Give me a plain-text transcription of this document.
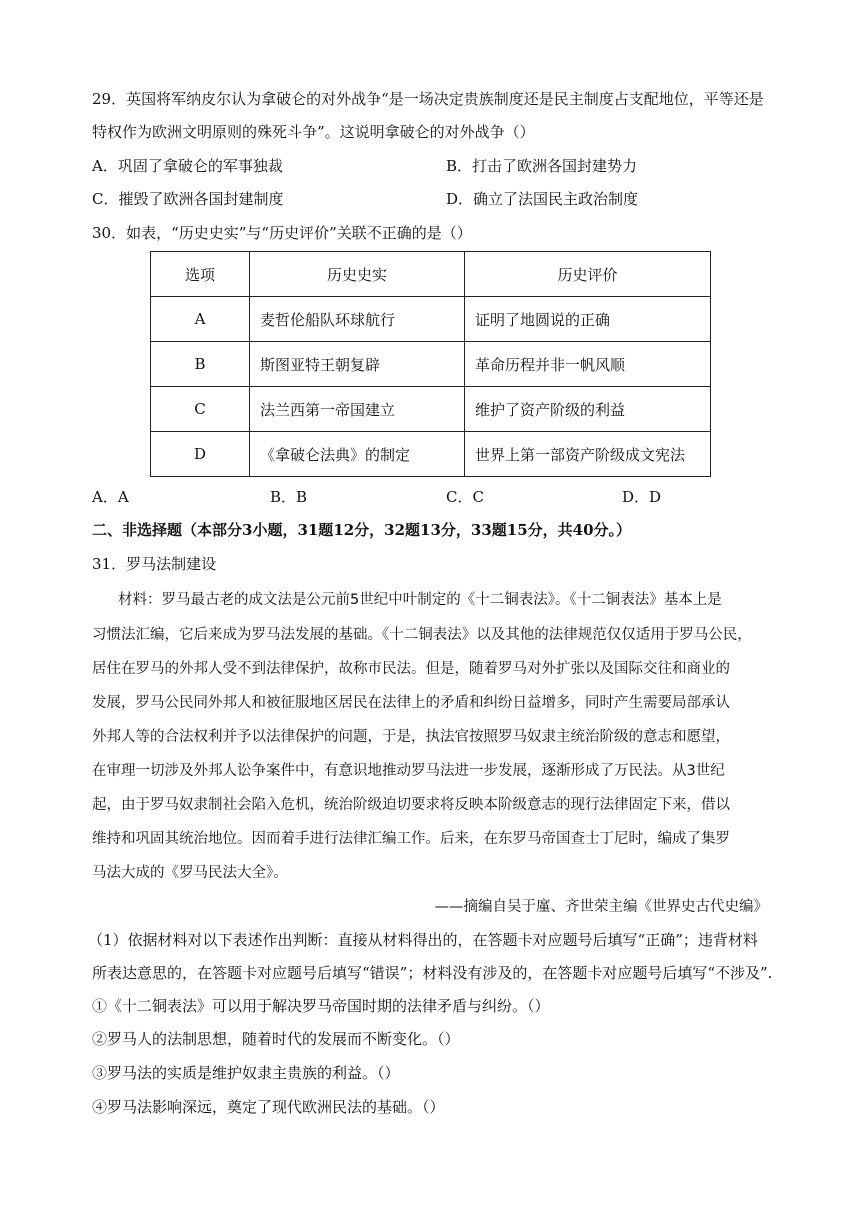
29．英国将军纳皮尔认为拿破仑的对外战争“是一场决定贵族制度还是民主制度占支配地位，平等还是
特权作为欧洲文明原则的殊死斗争”。这说明拿破仑的对外战争（）
A．巩固了拿破仑的军事独裁	B．打击了欧洲各国封建势力
C．摧毁了欧洲各国封建制度	D．确立了法国民主政治制度
30．如表，“历史史实”与“历史评价”关联不正确的是（）
选项	历史史实	历史评价
A	麦哲伦船队环球航行	证明了地圆说的正确
B	斯图亚特王朝复辟	革命历程并非一帆风顺
C	法兰西第一帝国建立	维护了资产阶级的利益
D	《拿破仑法典》的制定	世界上第一部资产阶级成文宪法
A．A	B．B	C．C	D．D
二、非选择题（本部分3小题，31题12分，32题13分，33题15分，共40分。）
31．罗马法制建设
材料：罗马最古老的成文法是公元前5世纪中叶制定的《十二铜表法》。《十二铜表法》基本上是
习惯法汇编，它后来成为罗马法发展的基础。《十二铜表法》以及其他的法律规范仅仅适用于罗马公民，
居住在罗马的外邦人受不到法律保护，故称市民法。但是，随着罗马对外扩张以及国际交往和商业的
发展，罗马公民同外邦人和被征服地区居民在法律上的矛盾和纠纷日益增多，同时产生需要局部承认
外邦人等的合法权利并予以法律保护的问题，于是，执法官按照罗马奴隶主统治阶级的意志和愿望，
在审理一切涉及外邦人讼争案件中，有意识地推动罗马法进一步发展，逐渐形成了万民法。从3世纪
起，由于罗马奴隶制社会陷入危机，统治阶级迫切要求将反映本阶级意志的现行法律固定下来，借以
维持和巩固其统治地位。因而着手进行法律汇编工作。后来，在东罗马帝国查士丁尼时，编成了集罗
马法大成的《罗马民法大全》。
——摘编自吴于廑、齐世荣主编《世界史古代史编》
（1）依据材料对以下表述作出判断：直接从材料得出的，在答题卡对应题号后填写“正确”；违背材料
所表达意思的，在答题卡对应题号后填写“错误”；材料没有涉及的，在答题卡对应题号后填写“不涉及”.
①《十二铜表法》可以用于解决罗马帝国时期的法律矛盾与纠纷。（）
②罗马人的法制思想，随着时代的发展而不断变化。（）
③罗马法的实质是维护奴隶主贵族的利益。（）
④罗马法影响深远，奠定了现代欧洲民法的基础。（）
